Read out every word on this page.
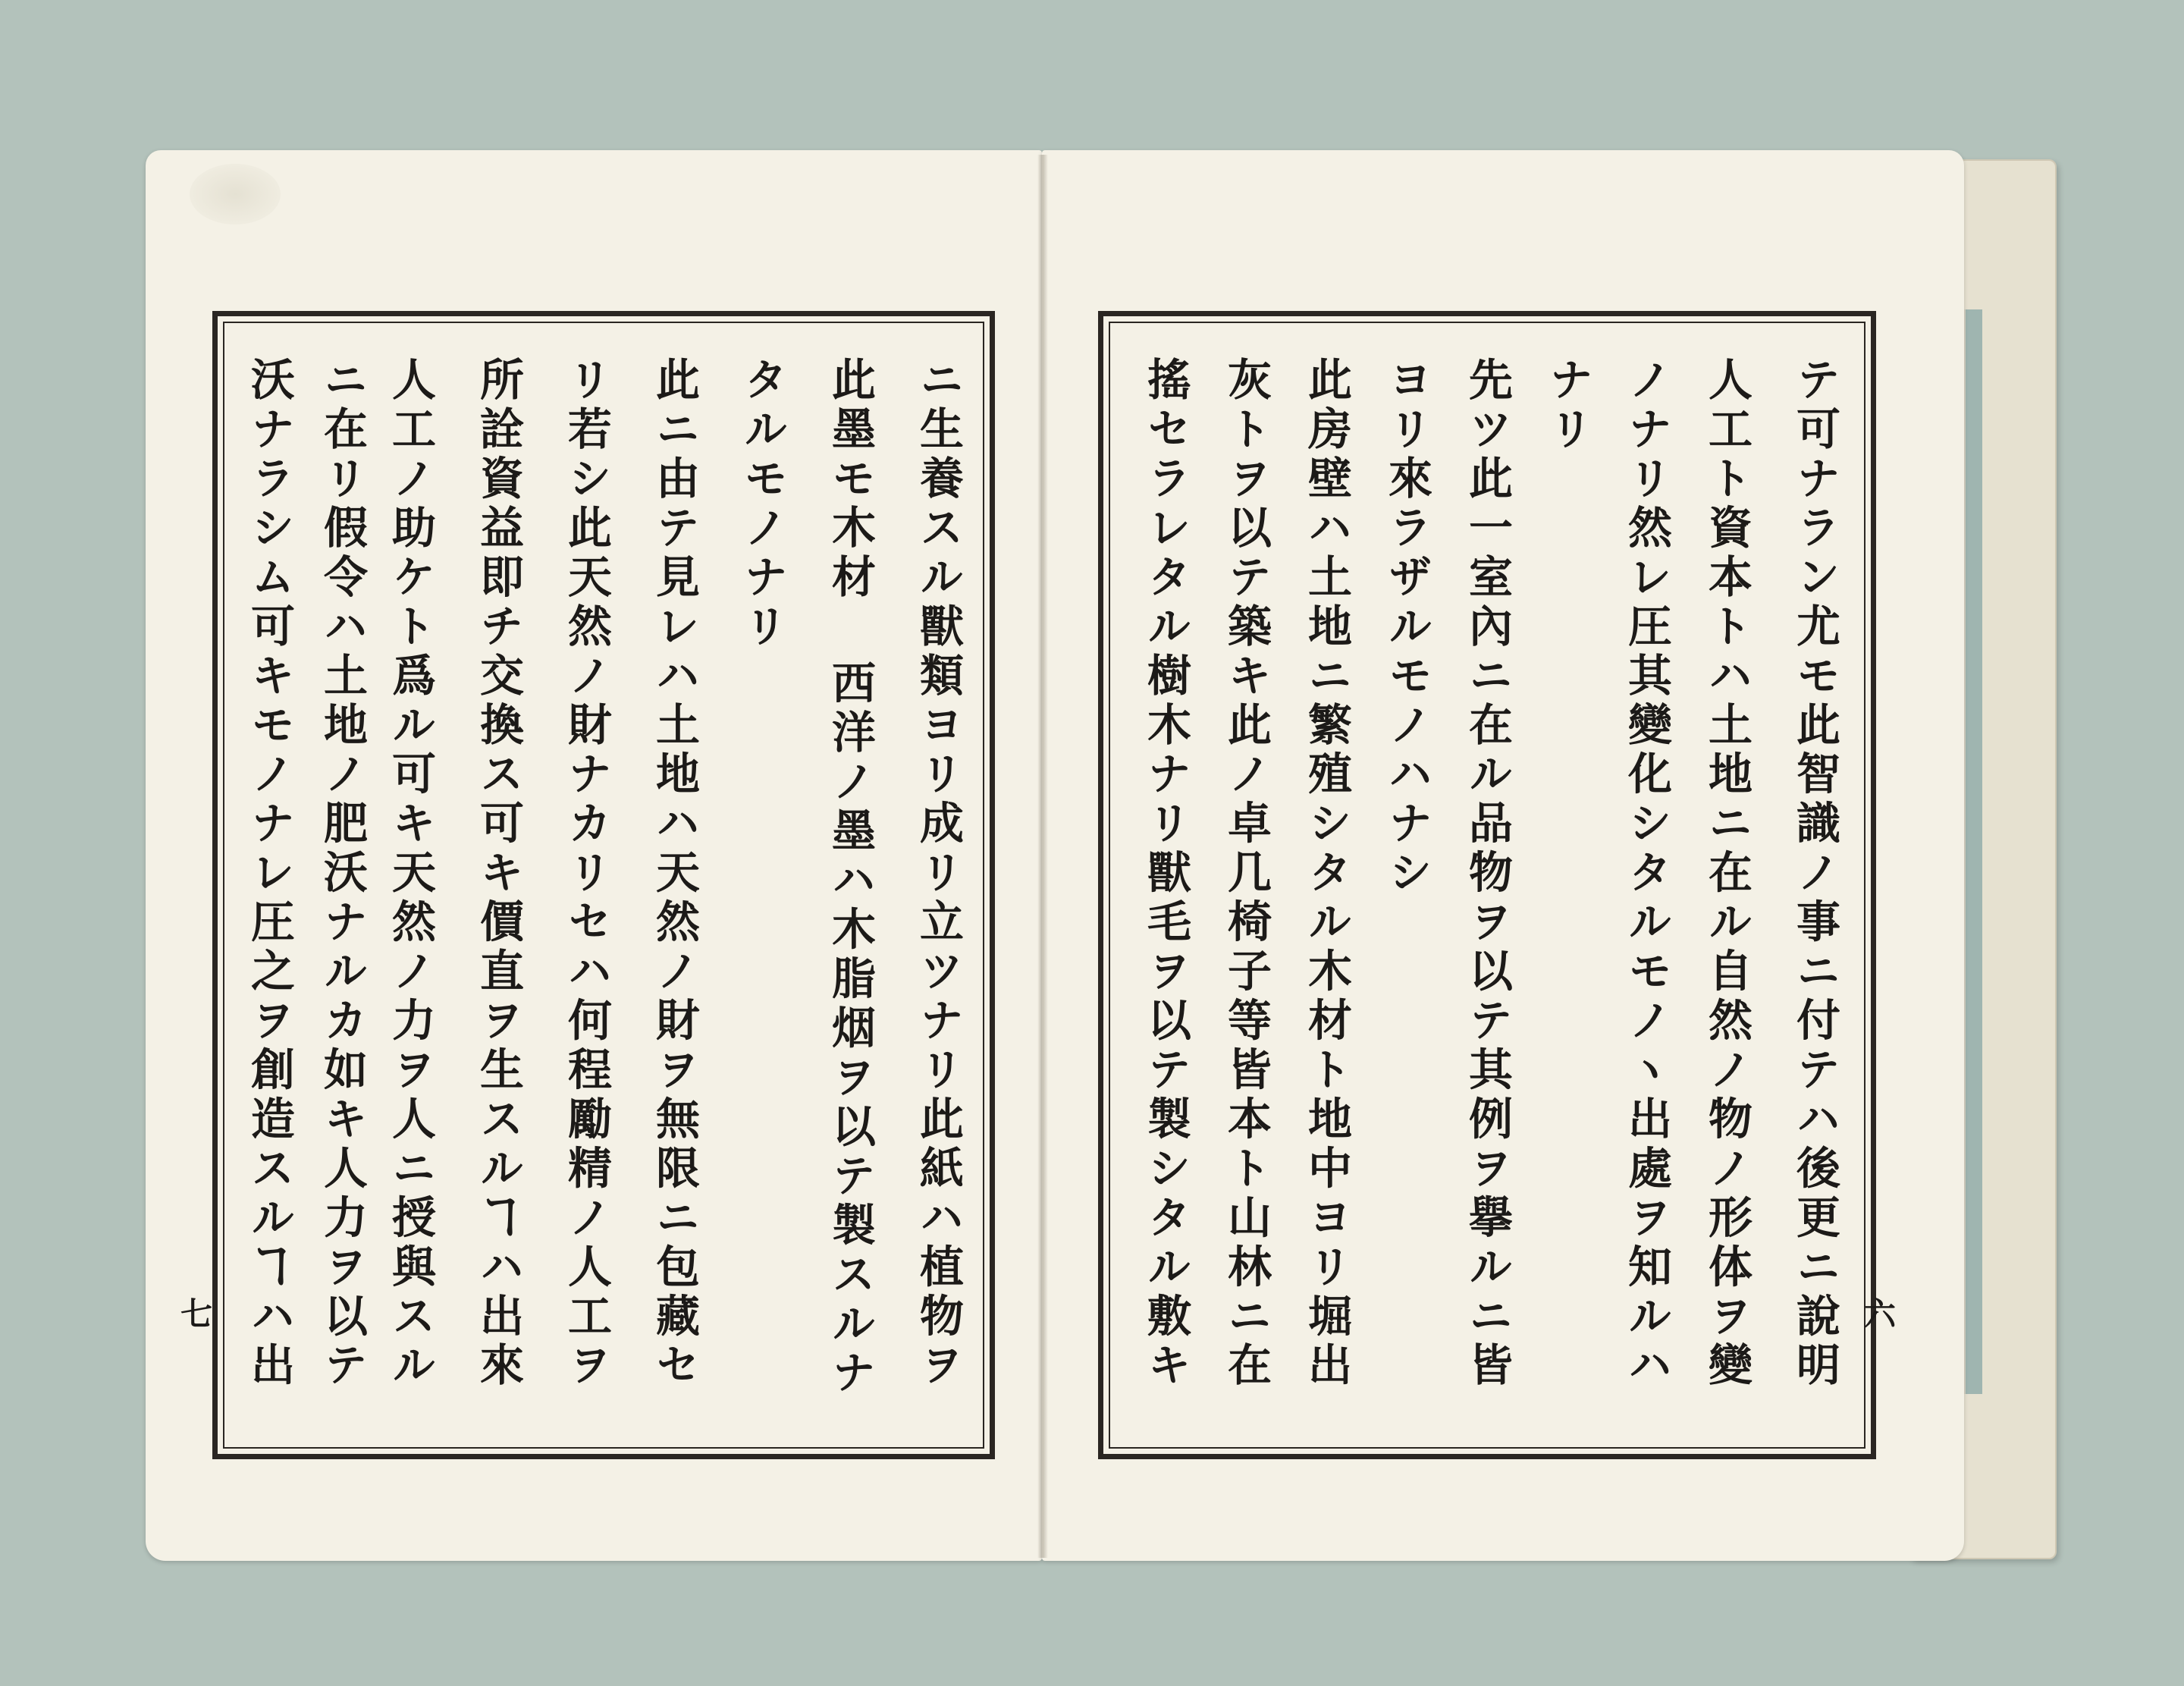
ニ生養スル獸類ヨリ成リ立ツナリ此紙ハ植物ヲ
此墨モ木材 西洋ノ墨ハ木脂烟ヲ以テ製スルナ
タルモノナリ
此ニ由テ見レハ土地ハ天然ノ財ヲ無限ニ包藏セ
リ若シ此天然ノ財ナカリセハ何程勵精ノ人工ヲ
所詮資益即チ交換ス可キ價直ヲ生スルヿハ出來
人工ノ助ケト爲ル可キ天然ノ力ヲ人ニ授與スル
ニ在リ假令ハ土地ノ肥沃ナルカ如キ人力ヲ以テ
沃ナラシム可キモノナレ圧之ヲ創造スルヿハ出
テ可ナラン尤モ此智識ノ事ニ付テハ後更ニ說明
人工ト資本トハ土地ニ在ル自然ノ物ノ形体ヲ變
ノナリ然レ圧其變化シタルモノヽ出處ヲ知ルハ
ナリ
先ツ此一室內ニ在ル品物ヲ以テ其例ヲ擧ルニ皆
ヨリ來ラザルモノハナシ
此房壁ハ土地ニ繁殖シタル木材ト地中ヨリ堀出
灰トヲ以テ築キ此ノ卓几椅子等皆本ト山林ニ在
搖セラレタル樹木ナリ獸毛ヲ以テ製シタル敷キ
七	六
